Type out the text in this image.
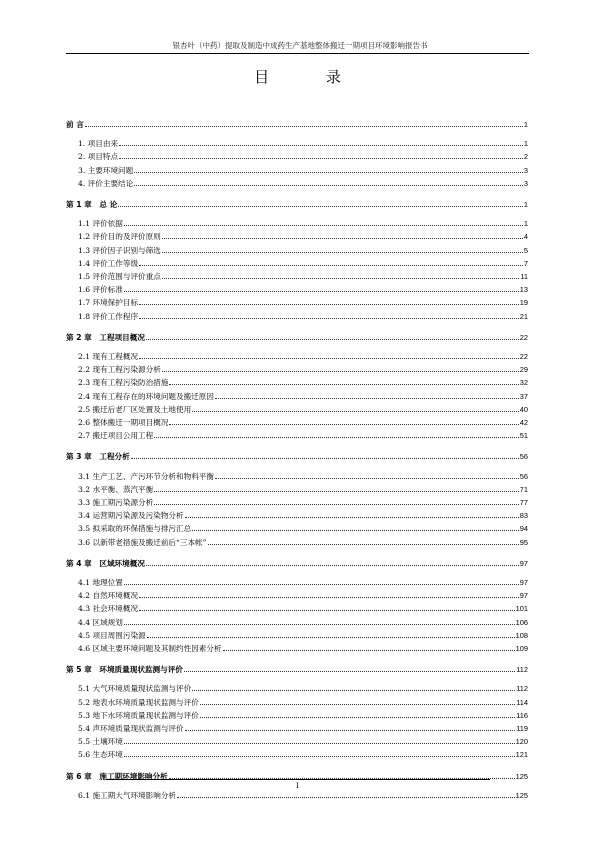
银杏叶（中药）提取及制造中成药生产基地整体搬迁一期项目环境影响报告书
目 录
前 言	1
1. 项目由来	1
2. 项目特点	2
3. 主要环境问题	3
4. 评价主要结论	3
第 1 章　总 论	1
1.1 评价依据	1
1.2 评价目的及评价原则	4
1.3 评价因子识别与筛选	5
1.4 评价工作等级	7
1.5 评价范围与评价重点	11
1.6 评价标准	13
1.7 环境保护目标	19
1.8 评价工作程序	21
第 2 章　工程项目概况	22
2.1 现有工程概况	22
2.2 现有工程污染源分析	29
2.3 现有工程污染防治措施	32
2.4 现有工程存在的环境问题及搬迁原因	37
2.5 搬迁后老厂区处置及土地使用	40
2.6 整体搬迁一期项目概况	42
2.7 搬迁项目公用工程	51
第 3 章　工程分析	56
3.1 生产工艺、产污环节分析和物料平衡	56
3.2 水平衡、蒸汽平衡	71
3.3 施工期污染源分析	77
3.4 运营期污染源及污染物分析	83
3.5 拟采取的环保措施与排污汇总	94
3.6 以新带老措施及搬迁前后“三本帐”	95
第 4 章　区域环境概况	97
4.1 地理位置	97
4.2 自然环境概况	97
4.3 社会环境概况	101
4.4 区域规划	106
4.5 项目周围污染源	108
4.6 区域主要环境问题及其制约性因素分析	109
第 5 章　环境质量现状监测与评价	112
5.1 大气环境质量现状监测与评价	112
5.2 地表水环境质量现状监测与评价	114
5.3 地下水环境质量现状监测与评价	116
5.4 声环境质量现状监测与评价	119
5.5 土壤环境	120
5.6 生态环境	121
第 6 章　施工期环境影响分析	125
6.1 施工期大气环境影响分析	125
I
